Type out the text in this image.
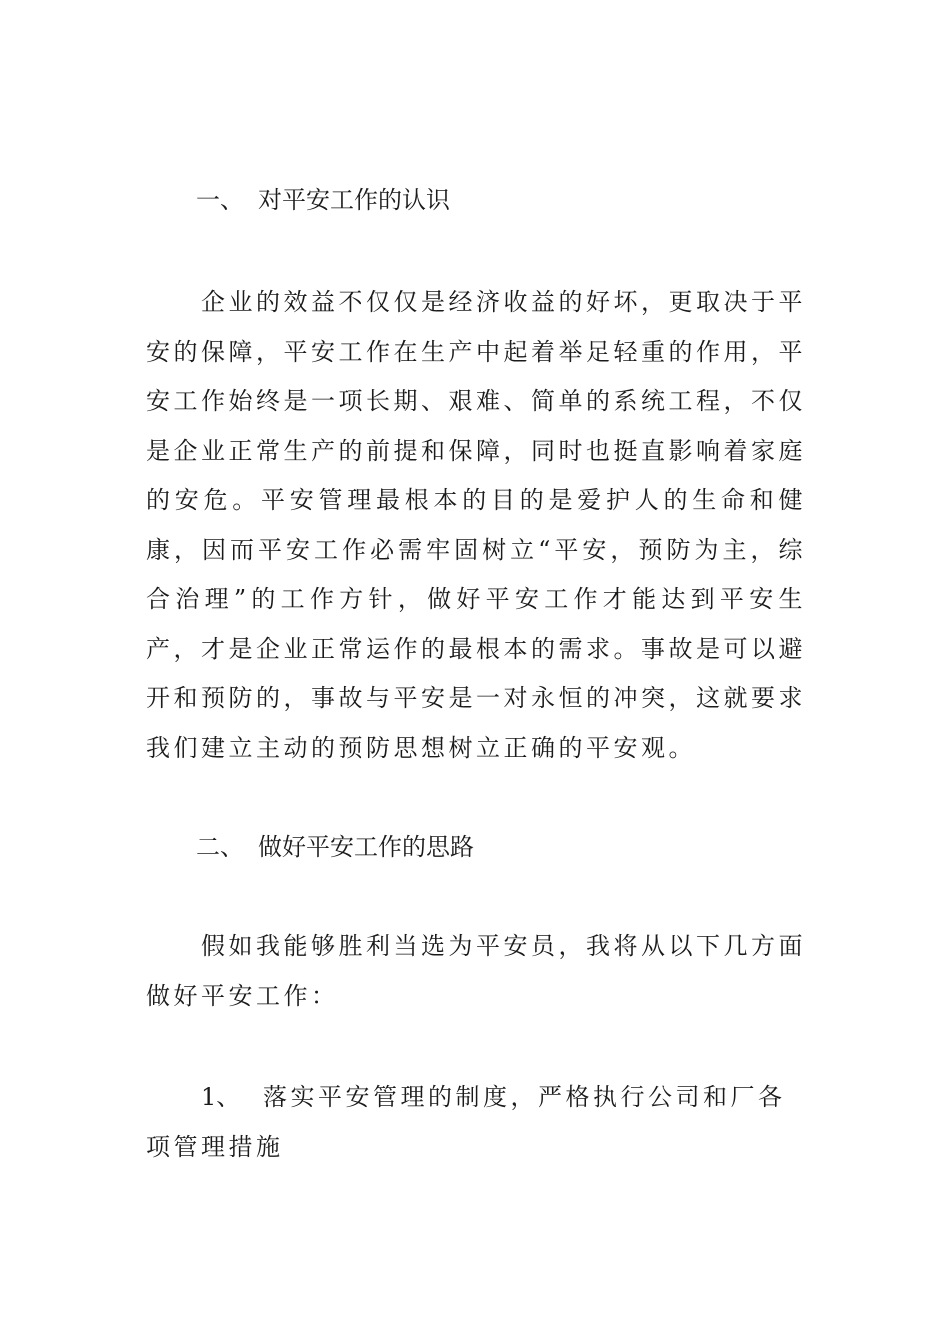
一、 对平安工作的认识

企业的效益不仅仅是经济收益的好坏，更取决于平安的保障，平安工作在生产中起着举足轻重的作用，平安工作始终是一项长期、艰难、简单的系统工程，不仅是企业正常生产的前提和保障，同时也挺直影响着家庭的安危。平安管理最根本的目的是爱护人的生命和健康，因而平安工作必需牢固树立“平安，预防为主，综合治理”的工作方针，做好平安工作才能达到平安生产，才是企业正常运作的最根本的需求。事故是可以避开和预防的，事故与平安是一对永恒的冲突，这就要求我们建立主动的预防思想树立正确的平安观。

二、 做好平安工作的思路

假如我能够胜利当选为平安员，我将从以下几方面做好平安工作：

1、 落实平安管理的制度，严格执行公司和厂各项管理措施
